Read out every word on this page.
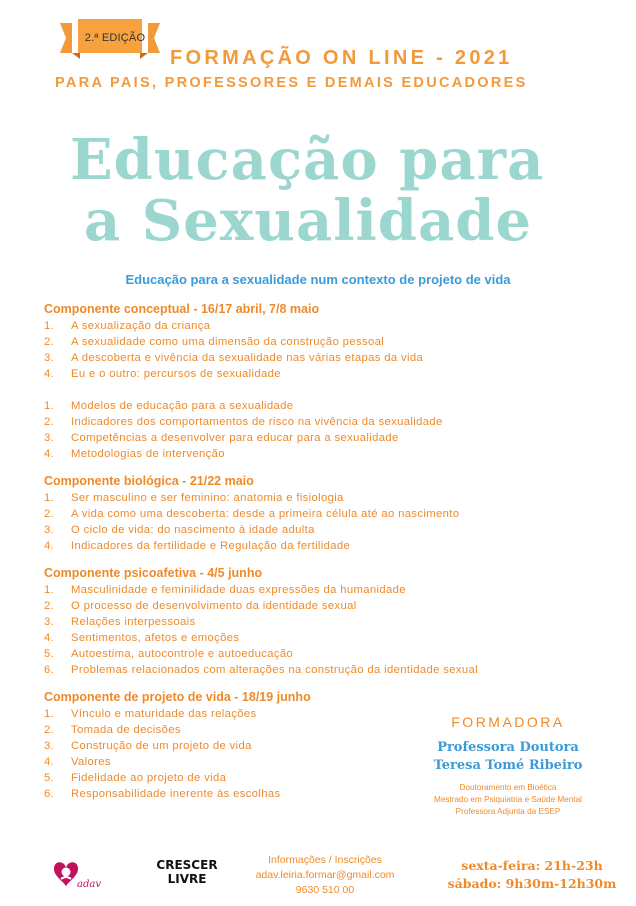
2.ª EDIÇÃO
FORMAÇÃO ON LINE - 2021
PARA PAIS, PROFESSORES E DEMAIS EDUCADORES
Educação para
a Sexualidade
Educação para a sexualidade num contexto de projeto de vida
Componente conceptual - 16/17 abril, 7/8 maio
1. A sexualização da criança
2. A sexualidade como uma dimensão da construção pessoal
3. A descoberta e vivência da sexualidade nas várias etapas da vida
4. Eu e o outro: percursos de sexualidade
1. Modelos de educação para a sexualidade
2. Indicadores dos comportamentos de risco na vivência da sexualidade
3. Competências a desenvolver para educar para a sexualidade
4. Metodologias de intervenção
Componente biológica - 21/22 maio
1. Ser masculino e ser feminino: anatomia e fisiologia
2. A vida como uma descoberta: desde a primeira célula até ao nascimento
3. O ciclo de vida: do nascimento à idade adulta
4. Indicadores da fertilidade e Regulação da fertilidade
Componente psicoafetiva - 4/5 junho
1. Masculinidade e feminilidade duas expressões da humanidade
2. O processo de desenvolvimento da identidade sexual
3. Relações interpessoais
4. Sentimentos, afetos e emoções
5. Autoestima, autocontrole e autoeducação
6. Problemas relacionados com alterações na construção da identidade sexual
Componente de projeto de vida - 18/19 junho
1. Vínculo e maturidade das relações
2. Tomada de decisões
3. Construção de um projeto de vida
4. Valores
5. Fidelidade ao projeto de vida
6. Responsabilidade inerente às escolhas
FORMADORA
Professora Doutora
Teresa Tomé Ribeiro
Doutoramento em Bioética
Mestrado em Psiquiatria e Saúde Mental
Professora Adjunta da ESEP
adav
CRESCER
LIVRE
Informações / Inscrições
adav.leiria.formar@gmail.com
9630 510 00
sexta-feira: 21h-23h
sábado: 9h30m-12h30m
